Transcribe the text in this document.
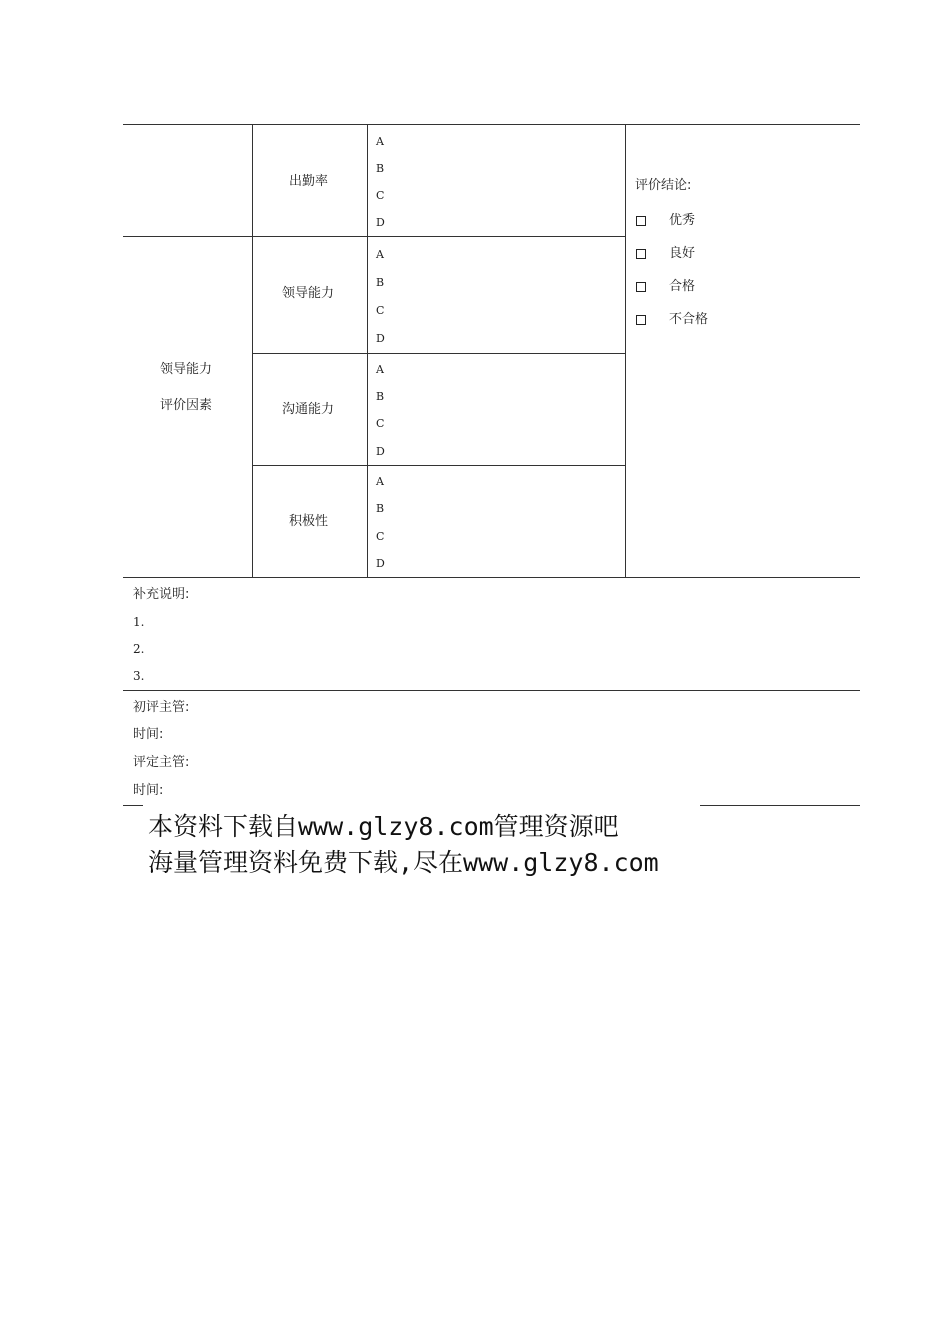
领导能力
评价因素
出勤率
A
B
C
D
领导能力
A
B
C
D
沟通能力
A
B
C
D
积极性
A
B
C
D
评价结论:
优秀
良好
合格
不合格
补充说明:
1.
2.
3.
初评主管:
时间:
评定主管:
时间:
本资料下载自www.glzy8.com管理资源吧
海量管理资料免费下载,尽在www.glzy8.com
